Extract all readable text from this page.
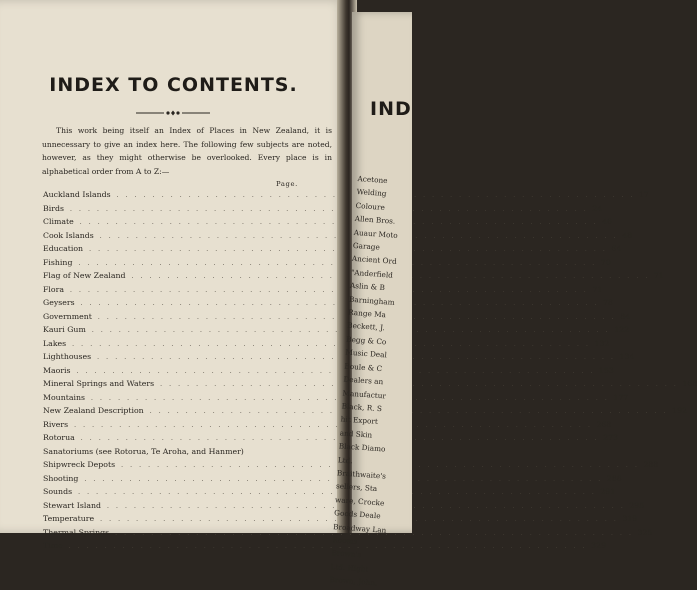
INDEX TO CONTENTS.

This work being itself an Index of Places in New Zealand, it is unnecessary to give an index here. The following few subjects are noted, however, as they might otherwise be overlooked. Every place is in alphabetical order from A to Z:—

Page.
Auckland Islands . . .	17
Birds . . .	24
Climate . . .	46
Cook Islands . . .	48
Education . . .	64
Fishing . . .	70
Flag of New Zealand . . .	71
Flora . . .	71
Geysers . . .	78
Government . . .	84
Kauri Gum . . .	122
Lakes . . .	132
Lighthouses . . .	134
Maoris . . .	153
Mineral Springs and Waters . . .	168
Mountains . . .	177
New Zealand Description . . .	192
Rivers . . .	268
Rotorua . . .	273
Sanatoriums (see Rotorua, Te Aroha, and Hanmer)
Shipwreck Depots . . .	288
Shooting . . .	288
Sounds . . .	291
Stewart Island . . .	295
Temperature . . .	319
Thermal Springs . . .	325
Time . . .	329
IND
Acetone
Welding
Coloure
Allen Bros.
Auaur Moto
Garage
Ancient Ord
"Anderfield
Aslin & B
Barningham
Range Ma
Beckett, J.
Begg & Co
Music Deal
Boule & C
Dealers an
Manufactur
Black, R. S
hit Export
and Skin
Black Diamo
Ltd.
Braithwaite's
sellers, Sta
ware, Crocke
Goods Deale
Broadway Lan
Rooms
Brown's
Ltd. Hight
Brown, John,
